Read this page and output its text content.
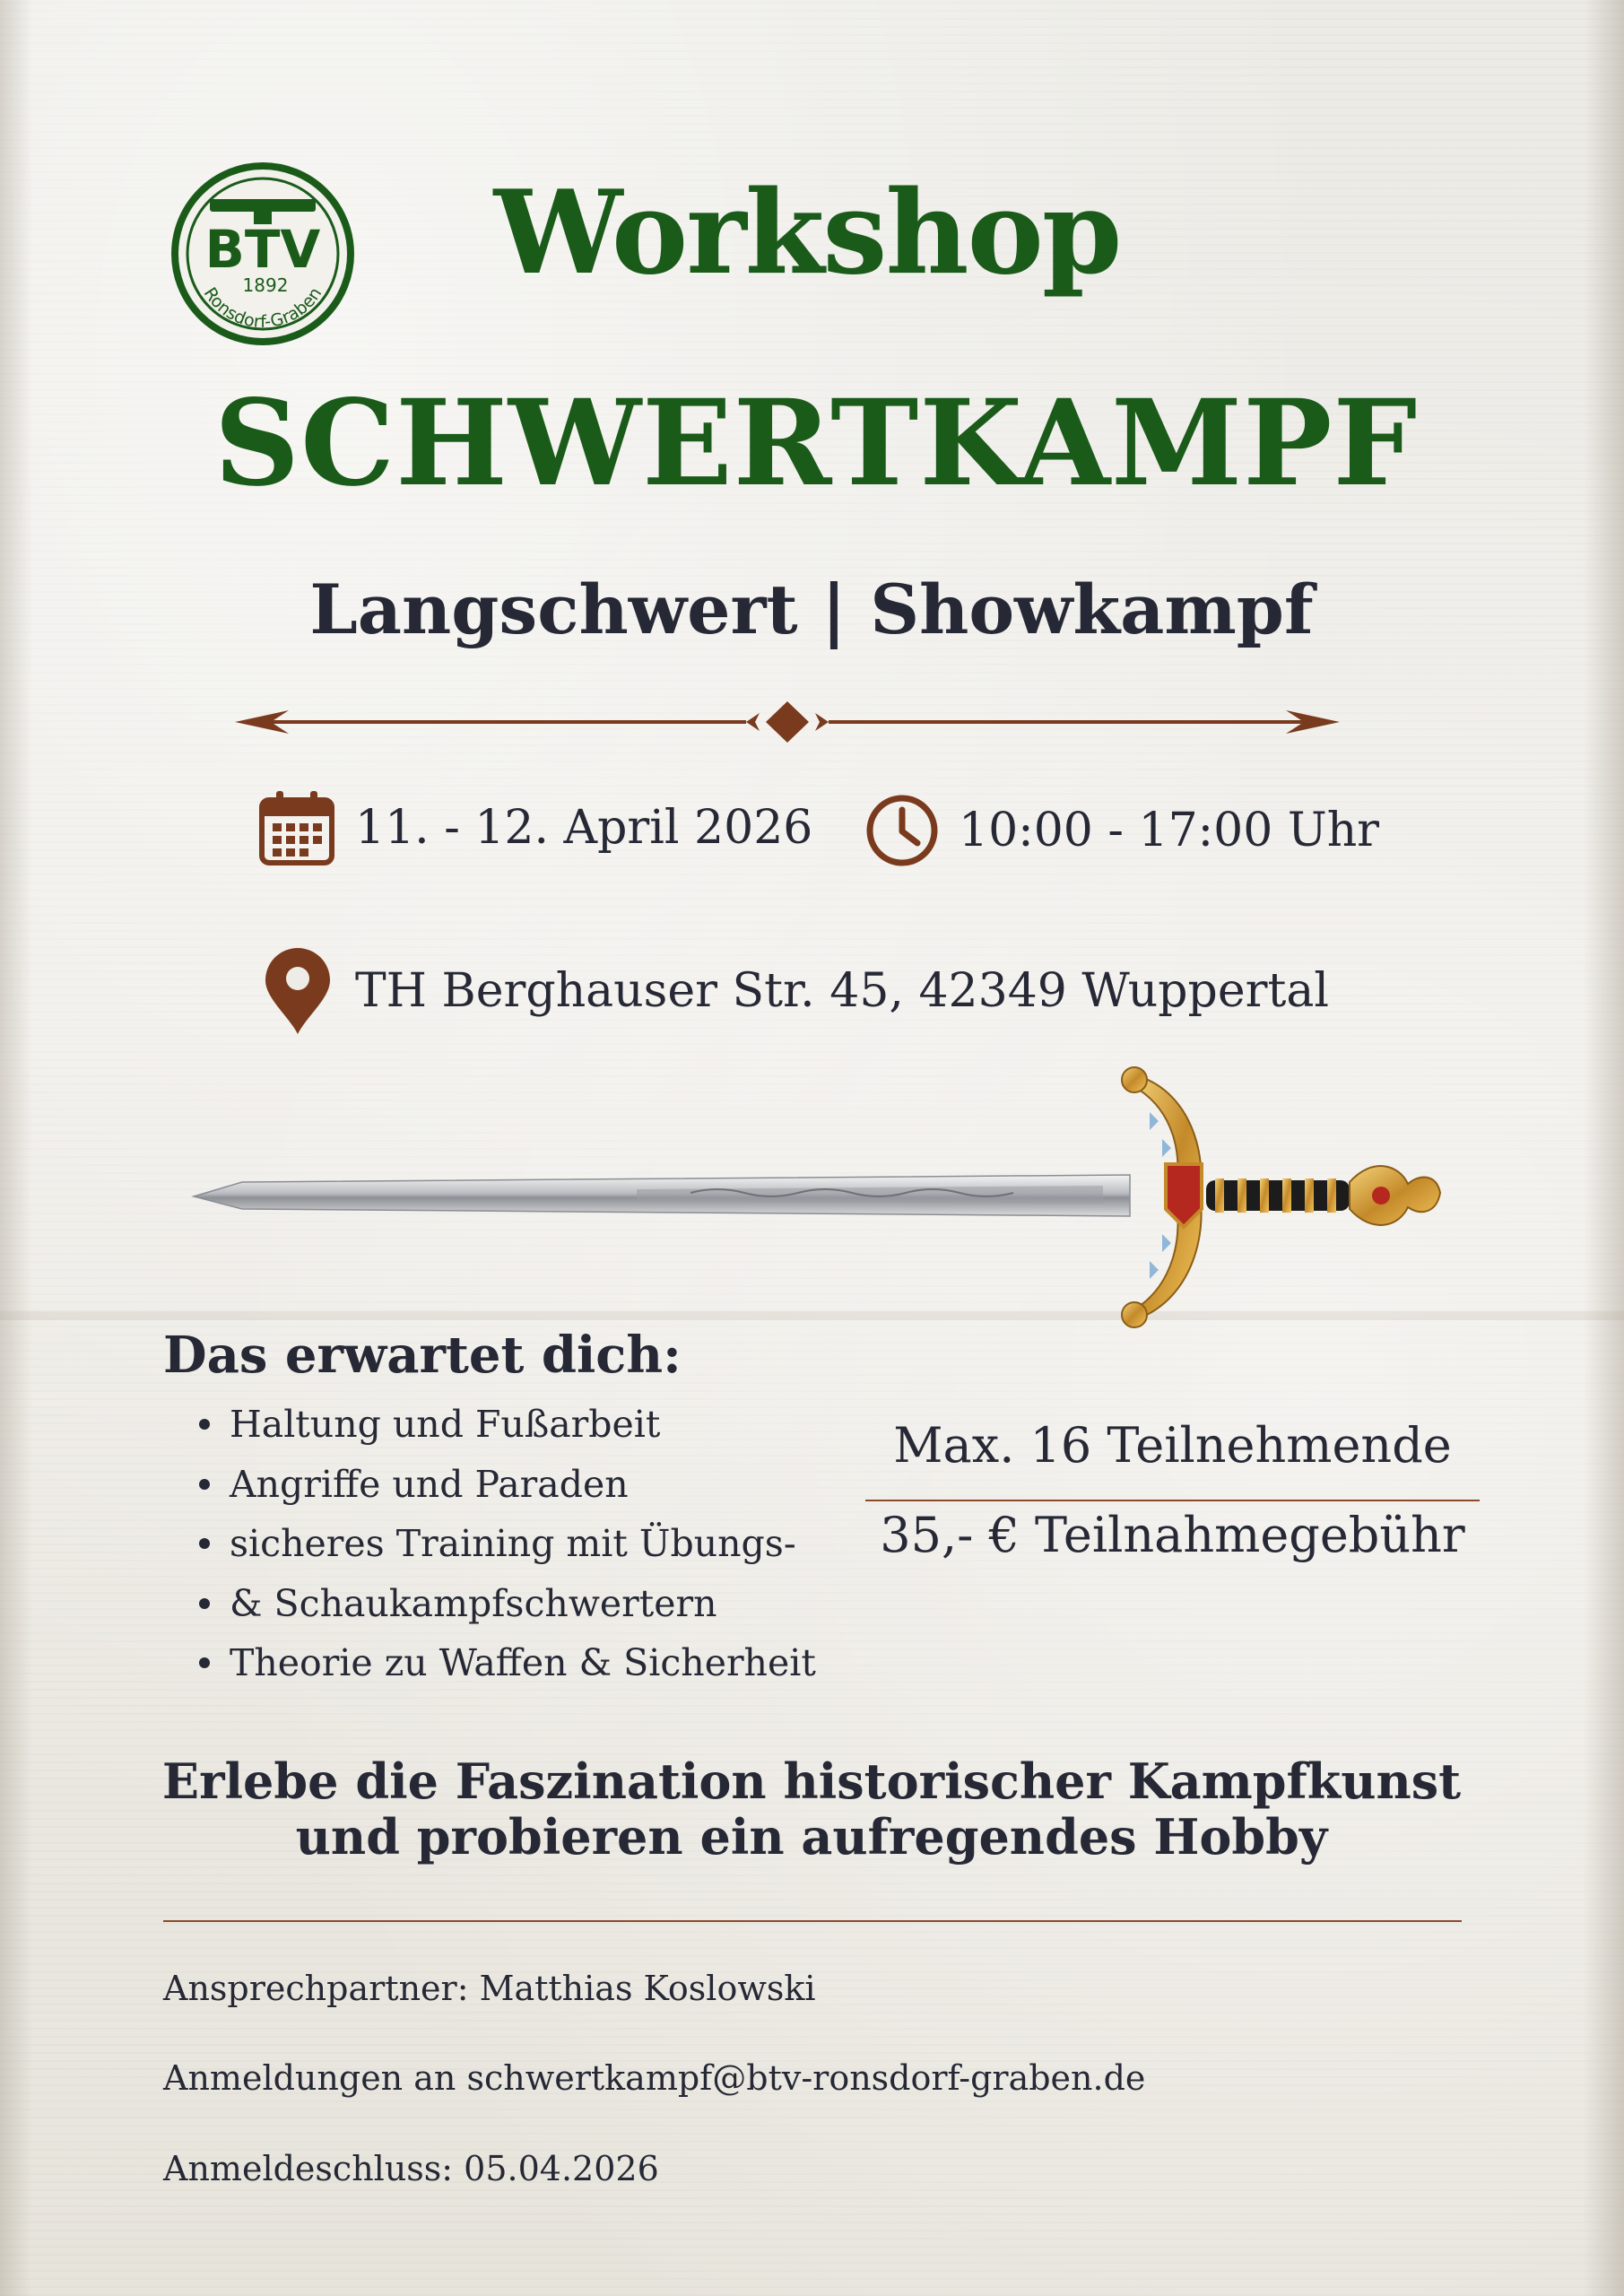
BTV
1892
Ronsdorf-Graben	Workshop
SCHWERTKAMPF
Langschwert | Showkampf
11. - 12. April 2026	10:00 - 17:00 Uhr
TH Berghauser Str. 45, 42349 Wuppertal
Das erwartet dich:
Haltung und Fußarbeit
Angriffe und Paraden
sicheres Training mit Übungs-
& Schaukampfschwertern
Theorie zu Waffen & Sicherheit
Max. 16 Teilnehmende
35,- € Teilnahmegebühr
Erlebe die Faszination historischer Kampfkunst
und probieren ein aufregendes Hobby
Ansprechpartner: Matthias Koslowski
Anmeldungen an schwertkampf@btv-ronsdorf-graben.de
Anmeldeschluss: 05.04.2026
